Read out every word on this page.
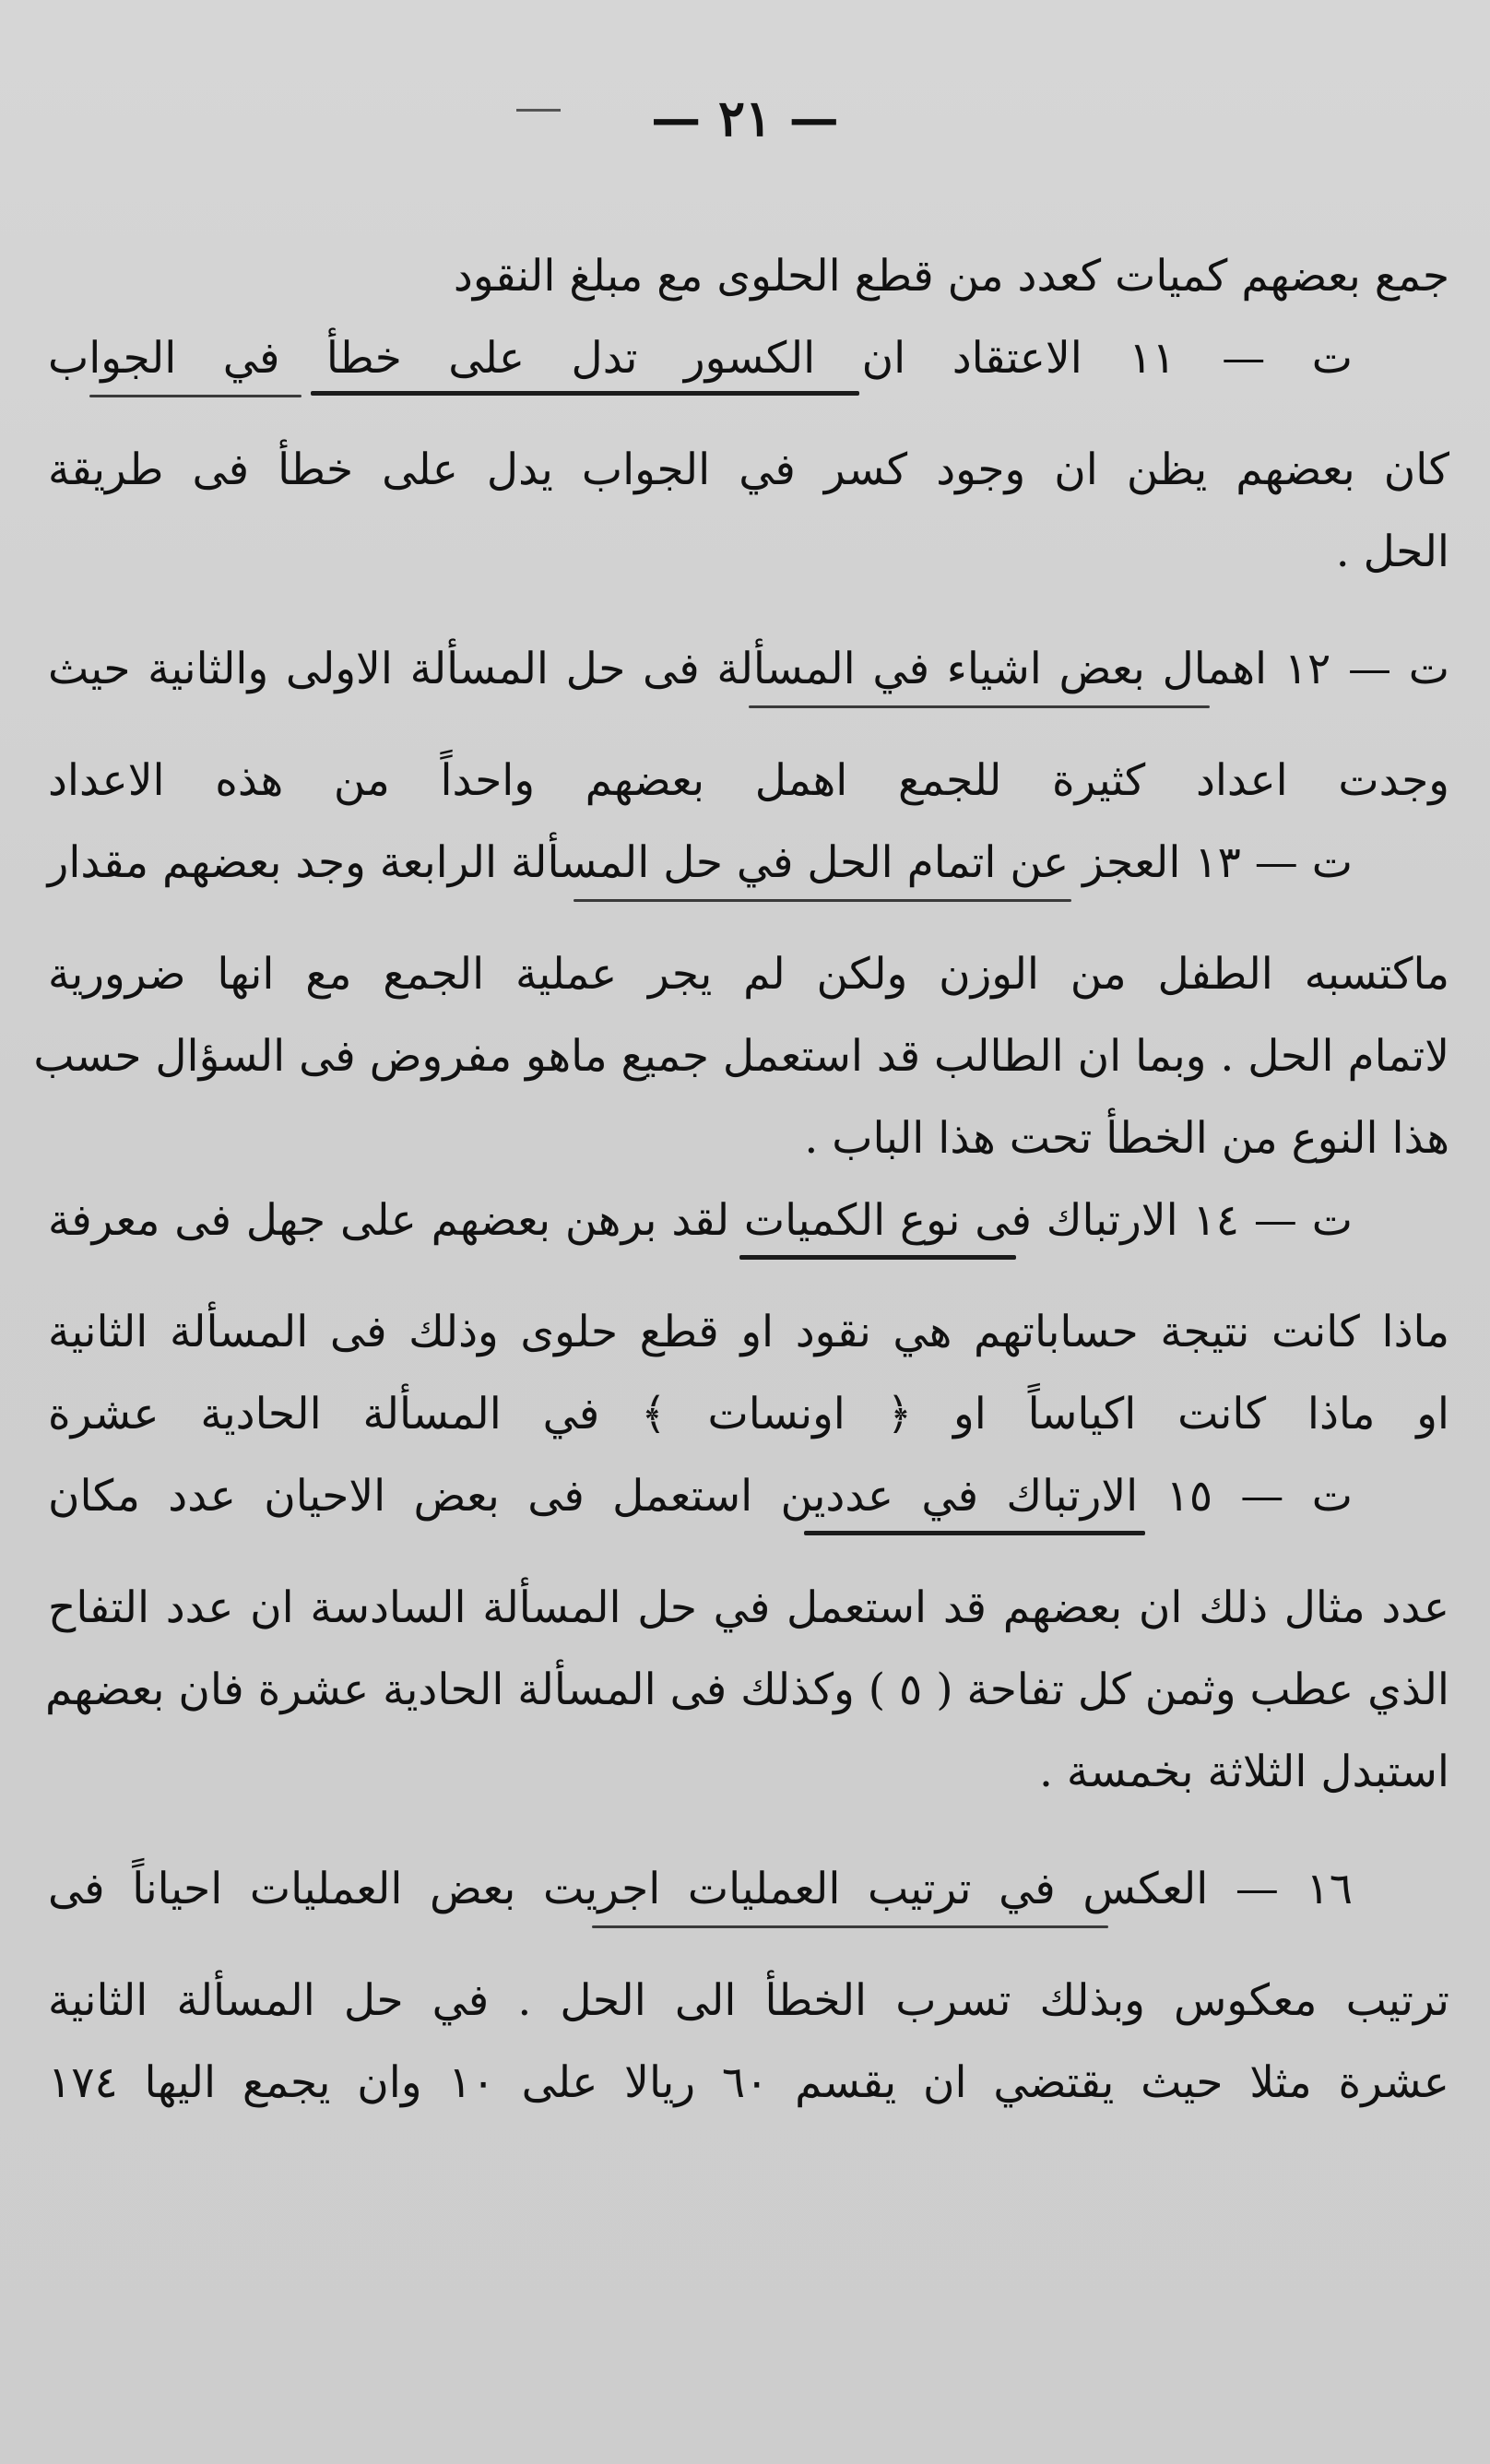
— ٢١ —
جمع بعضهم كميات كعدد من قطع الحلوى مع مبلغ النقود
ت — ١١ الاعتقاد ان الكسور تدل على خطأ في الجواب
كان بعضهم يظن ان وجود كسر في الجواب يدل على خطأ فى طريقة
الحل .
ت — ١٢ اهمال بعض اشياء في المسألة فى حل المسألة الاولى والثانية حيث
وجدت اعداد كثيرة للجمع اهمل بعضهم واحداً من هذه الاعداد
ت — ١٣ العجز عن اتمام الحل في حل المسألة الرابعة وجد بعضهم مقدار
ماكتسبه الطفل من الوزن ولكن لم يجر عملية الجمع مع انها ضرورية
لاتمام الحل . وبما ان الطالب قد استعمل جميع ماهو مفروض فى السؤال حسب
هذا النوع من الخطأ تحت هذا الباب .
ت — ١٤ الارتباك فى نوع الكميات لقد برهن بعضهم على جهل فى معرفة
ماذا كانت نتيجة حساباتهم هي نقود او قطع حلوى وذلك فى المسألة الثانية
او ماذا كانت اكياساً او ﴿ اونسات ﴾ في المسألة الحادية عشرة
ت — ١٥ الارتباك في عددين استعمل فى بعض الاحيان عدد مكان
عدد مثال ذلك ان بعضهم قد استعمل في حل المسألة السادسة ان عدد التفاح
الذي عطب وثمن كل تفاحة ( ٥ ) وكذلك فى المسألة الحادية عشرة فان بعضهم
استبدل الثلاثة بخمسة .
١٦ — العكس في ترتيب العمليات اجريت بعض العمليات احياناً فى
ترتيب معكوس وبذلك تسرب الخطأ الى الحل . في حل المسألة الثانية
عشرة مثلا حيث يقتضي ان يقسم ٦٠ ريالا على ١٠ وان يجمع اليها ١٧٤
